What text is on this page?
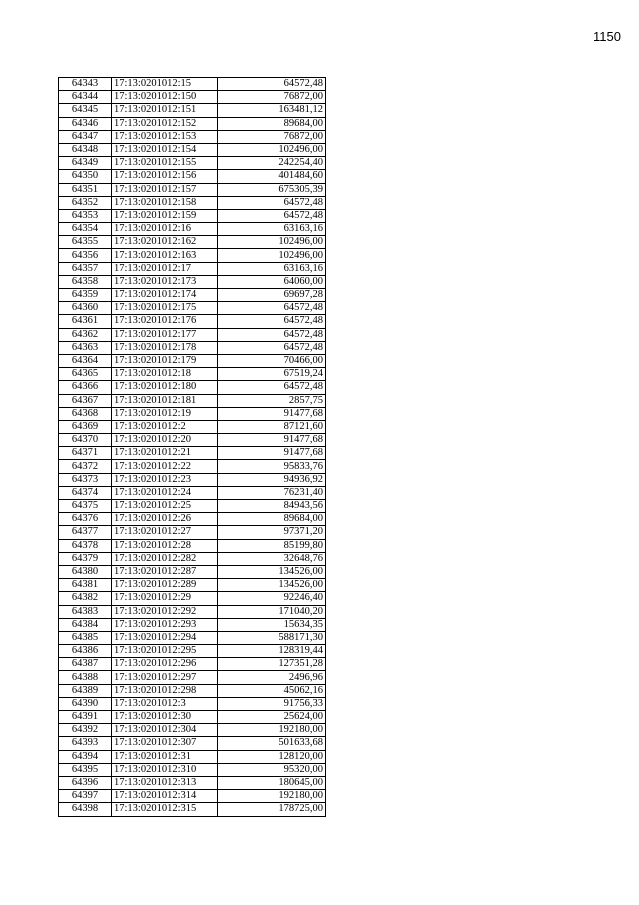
1150
64343	17:13:0201012:15	64572,48
64344	17:13:0201012:150	76872,00
64345	17:13:0201012:151	163481,12
64346	17:13:0201012:152	89684,00
64347	17:13:0201012:153	76872,00
64348	17:13:0201012:154	102496,00
64349	17:13:0201012:155	242254,40
64350	17:13:0201012:156	401484,60
64351	17:13:0201012:157	675305,39
64352	17:13:0201012:158	64572,48
64353	17:13:0201012:159	64572,48
64354	17:13:0201012:16	63163,16
64355	17:13:0201012:162	102496,00
64356	17:13:0201012:163	102496,00
64357	17:13:0201012:17	63163,16
64358	17:13:0201012:173	64060,00
64359	17:13:0201012:174	69697,28
64360	17:13:0201012:175	64572,48
64361	17:13:0201012:176	64572,48
64362	17:13:0201012:177	64572,48
64363	17:13:0201012:178	64572,48
64364	17:13:0201012:179	70466,00
64365	17:13:0201012:18	67519,24
64366	17:13:0201012:180	64572,48
64367	17:13:0201012:181	2857,75
64368	17:13:0201012:19	91477,68
64369	17:13:0201012:2	87121,60
64370	17:13:0201012:20	91477,68
64371	17:13:0201012:21	91477,68
64372	17:13:0201012:22	95833,76
64373	17:13:0201012:23	94936,92
64374	17:13:0201012:24	76231,40
64375	17:13:0201012:25	84943,56
64376	17:13:0201012:26	89684,00
64377	17:13:0201012:27	97371,20
64378	17:13:0201012:28	85199,80
64379	17:13:0201012:282	32648,76
64380	17:13:0201012:287	134526,00
64381	17:13:0201012:289	134526,00
64382	17:13:0201012:29	92246,40
64383	17:13:0201012:292	171040,20
64384	17:13:0201012:293	15634,35
64385	17:13:0201012:294	588171,30
64386	17:13:0201012:295	128319,44
64387	17:13:0201012:296	127351,28
64388	17:13:0201012:297	2496,96
64389	17:13:0201012:298	45062,16
64390	17:13:0201012:3	91756,33
64391	17:13:0201012:30	25624,00
64392	17:13:0201012:304	192180,00
64393	17:13:0201012:307	501633,68
64394	17:13:0201012:31	128120,00
64395	17:13:0201012:310	95320,00
64396	17:13:0201012:313	180645,00
64397	17:13:0201012:314	192180,00
64398	17:13:0201012:315	178725,00
